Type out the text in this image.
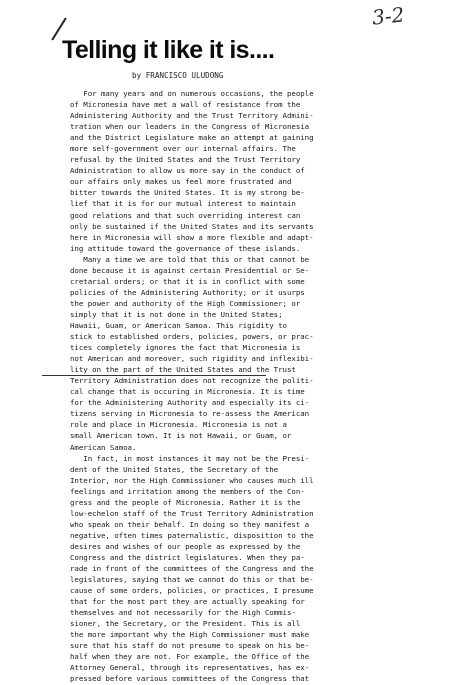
3-2
Telling it like it is....
by FRANCISCO ULUDONG
For many years and on numerous occasions, the people
of Micronesia have met a wall of resistance from the
Administering Authority and the Trust Territory Admini-
tration when our leaders in the Congress of Micronesia
and the District Legislature make an attempt at gaining
more self-government over our internal affairs. The
refusal by the United States and the Trust Territory
Administration to allow us more say in the conduct of
our affairs only makes us feel more frustrated and
bitter towards the United States. It is my strong be-
lief that it is for our mutual interest to maintain
good relations and that such overriding interest can
only be sustained if the United States and its servants
here in Micronesia will show a more flexible and adapt-
ing attitude toward the governance of these islands.
Many a time we are told that this or that cannot be
done because it is against certain Presidential or Se-
cretarial orders; or that it is in conflict with some
policies of the Administering Authority; or it usurps
the power and authority of the High Commissioner; or
simply that it is not done in the United States;
Hawaii, Guam, or American Samoa. This rigidity to
stick to established orders, policies, powers, or prac-
tices completely ignores the fact that Micronesia is
not American and moreover, such rigidity and inflexibi-
lity on the part of the United States and the Trust
Territory Administration does not recognize the politi-
cal change that is occuring in Micronesia. It is time
for the Administering Authority and especially its ci-
tizens serving in Micronesia to re-assess the American
role and place in Micronesia. Micronesia is not a
small American town. It is not Hawaii, or Guam, or
American Samoa.
In fact, in most instances it may not be the Presi-
dent of the United States, the Secretary of the
Interior, nor the High Commissioner who causes much ill
feelings and irritation among the members of the Con-
gress and the people of Micronesia. Rather it is the
low-echelon staff of the Trust Territory Administration
who speak on their behalf. In doing so they manifest a
negative, often times paternalistic, disposition to the
desires and wishes of our people as expressed by the
Congress and the district legislatures. When they pa-
rade in front of the committees of the Congress and the
legislatures, saying that we cannot do this or that be-
cause of some orders, policies, or practices, I presume
that for the most part they are actually speaking for
themselves and not necessarily for the High Commis-
sioner, the Secretary, or the President. This is all
the more important why the High Commissioner must make
sure that his staff do not presume to speak on his be-
half when they are not. For example, the Office of the
Attorney General, through its representatives, has ex-
pressed before various committees of the Congress that
